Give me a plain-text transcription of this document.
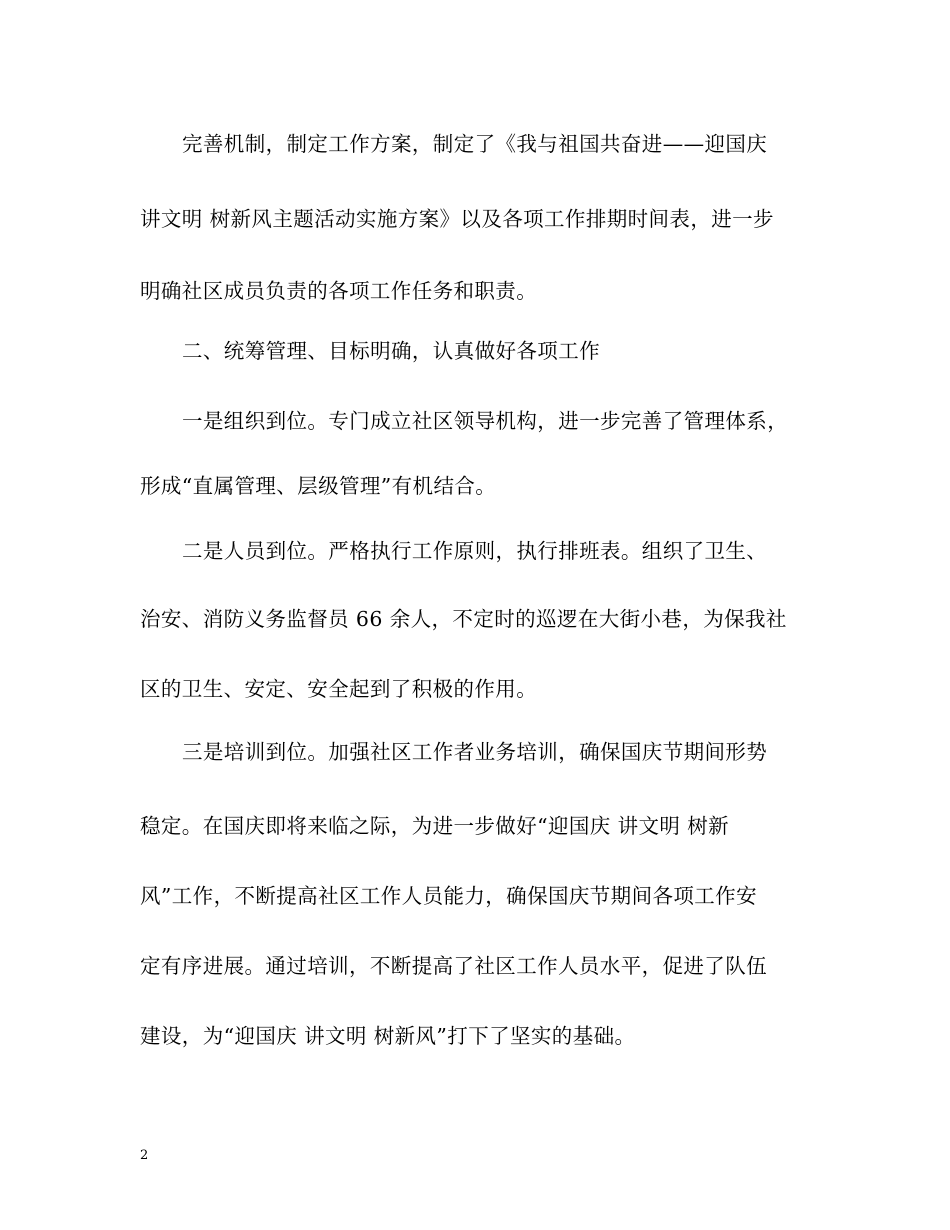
完善机制，制定工作方案，制定了《我与祖国共奋进——迎国庆
讲文明 树新风主题活动实施方案》以及各项工作排期时间表，进一步
明确社区成员负责的各项工作任务和职责。
二、统筹管理、目标明确，认真做好各项工作
一是组织到位。专门成立社区领导机构，进一步完善了管理体系，
形成“直属管理、层级管理”有机结合。
二是人员到位。严格执行工作原则，执行排班表。组织了卫生、
治安、消防义务监督员 66 余人，不定时的巡逻在大街小巷，为保我社
区的卫生、安定、安全起到了积极的作用。
三是培训到位。加强社区工作者业务培训，确保国庆节期间形势
稳定。在国庆即将来临之际，为进一步做好“迎国庆 讲文明 树新
风”工作，不断提高社区工作人员能力，确保国庆节期间各项工作安
定有序进展。通过培训，不断提高了社区工作人员水平，促进了队伍
建设，为“迎国庆 讲文明 树新风”打下了坚实的基础。
2
